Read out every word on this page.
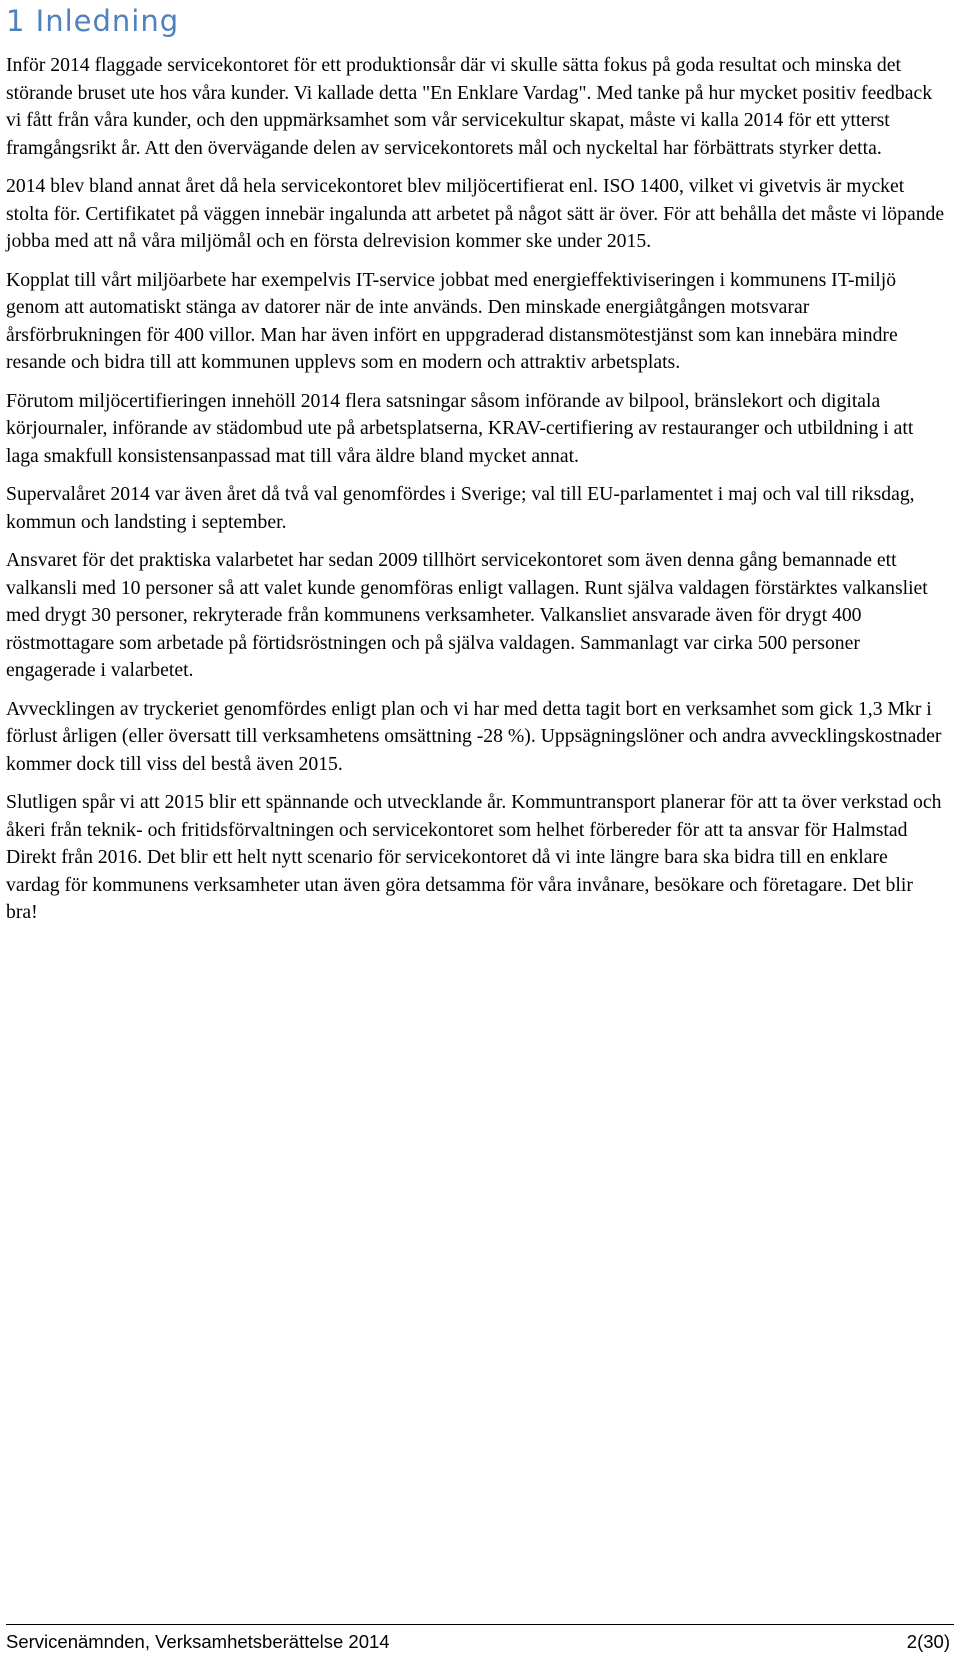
1 Inledning

Inför 2014 flaggade servicekontoret för ett produktionsår där vi skulle sätta fokus på goda resultat och minska det störande bruset ute hos våra kunder. Vi kallade detta "En Enklare Vardag". Med tanke på hur mycket positiv feedback vi fått från våra kunder, och den uppmärksamhet som vår servicekultur skapat, måste vi kalla 2014 för ett ytterst framgångsrikt år. Att den övervägande delen av servicekontorets mål och nyckeltal har förbättrats styrker detta.

2014 blev bland annat året då hela servicekontoret blev miljöcertifierat enl. ISO 1400, vilket vi givetvis är mycket stolta för. Certifikatet på väggen innebär ingalunda att arbetet på något sätt är över. För att behålla det måste vi löpande jobba med att nå våra miljömål och en första delrevision kommer ske under 2015.

Kopplat till vårt miljöarbete har exempelvis IT-service jobbat med energieffektiviseringen i kommunens IT-miljö genom att automatiskt stänga av datorer när de inte används. Den minskade energiåtgången motsvarar årsförbrukningen för 400 villor. Man har även infört en uppgraderad distansmötestjänst som kan innebära mindre resande och bidra till att kommunen upplevs som en modern och attraktiv arbetsplats.

Förutom miljöcertifieringen innehöll 2014 flera satsningar såsom införande av bilpool, bränslekort och digitala körjournaler, införande av städombud ute på arbetsplatserna, KRAV-certifiering av restauranger och utbildning i att laga smakfull konsistensanpassad mat till våra äldre bland mycket annat.

Supervalåret 2014 var även året då två val genomfördes i Sverige; val till EU-parlamentet i maj och val till riksdag, kommun och landsting i september.

Ansvaret för det praktiska valarbetet har sedan 2009 tillhört servicekontoret som även denna gång bemannade ett valkansli med 10 personer så att valet kunde genomföras enligt vallagen. Runt själva valdagen förstärktes valkansliet med drygt 30 personer, rekryterade från kommunens verksamheter. Valkansliet ansvarade även för drygt 400 röstmottagare som arbetade på förtidsröstningen och på själva valdagen. Sammanlagt var cirka 500 personer engagerade i valarbetet.

Avvecklingen av tryckeriet genomfördes enligt plan och vi har med detta tagit bort en verksamhet som gick 1,3 Mkr i förlust årligen (eller översatt till verksamhetens omsättning -28 %). Uppsägningslöner och andra avvecklingskostnader kommer dock till viss del bestå även 2015.

Slutligen spår vi att 2015 blir ett spännande och utvecklande år. Kommuntransport planerar för att ta över verkstad och åkeri från teknik- och fritidsförvaltningen och servicekontoret som helhet förbereder för att ta ansvar för Halmstad Direkt från 2016. Det blir ett helt nytt scenario för servicekontoret då vi inte längre bara ska bidra till en enklare vardag för kommunens verksamheter utan även göra detsamma för våra invånare, besökare och företagare. Det blir bra!

Servicenämnden, Verksamhetsberättelse 2014	2(30)
